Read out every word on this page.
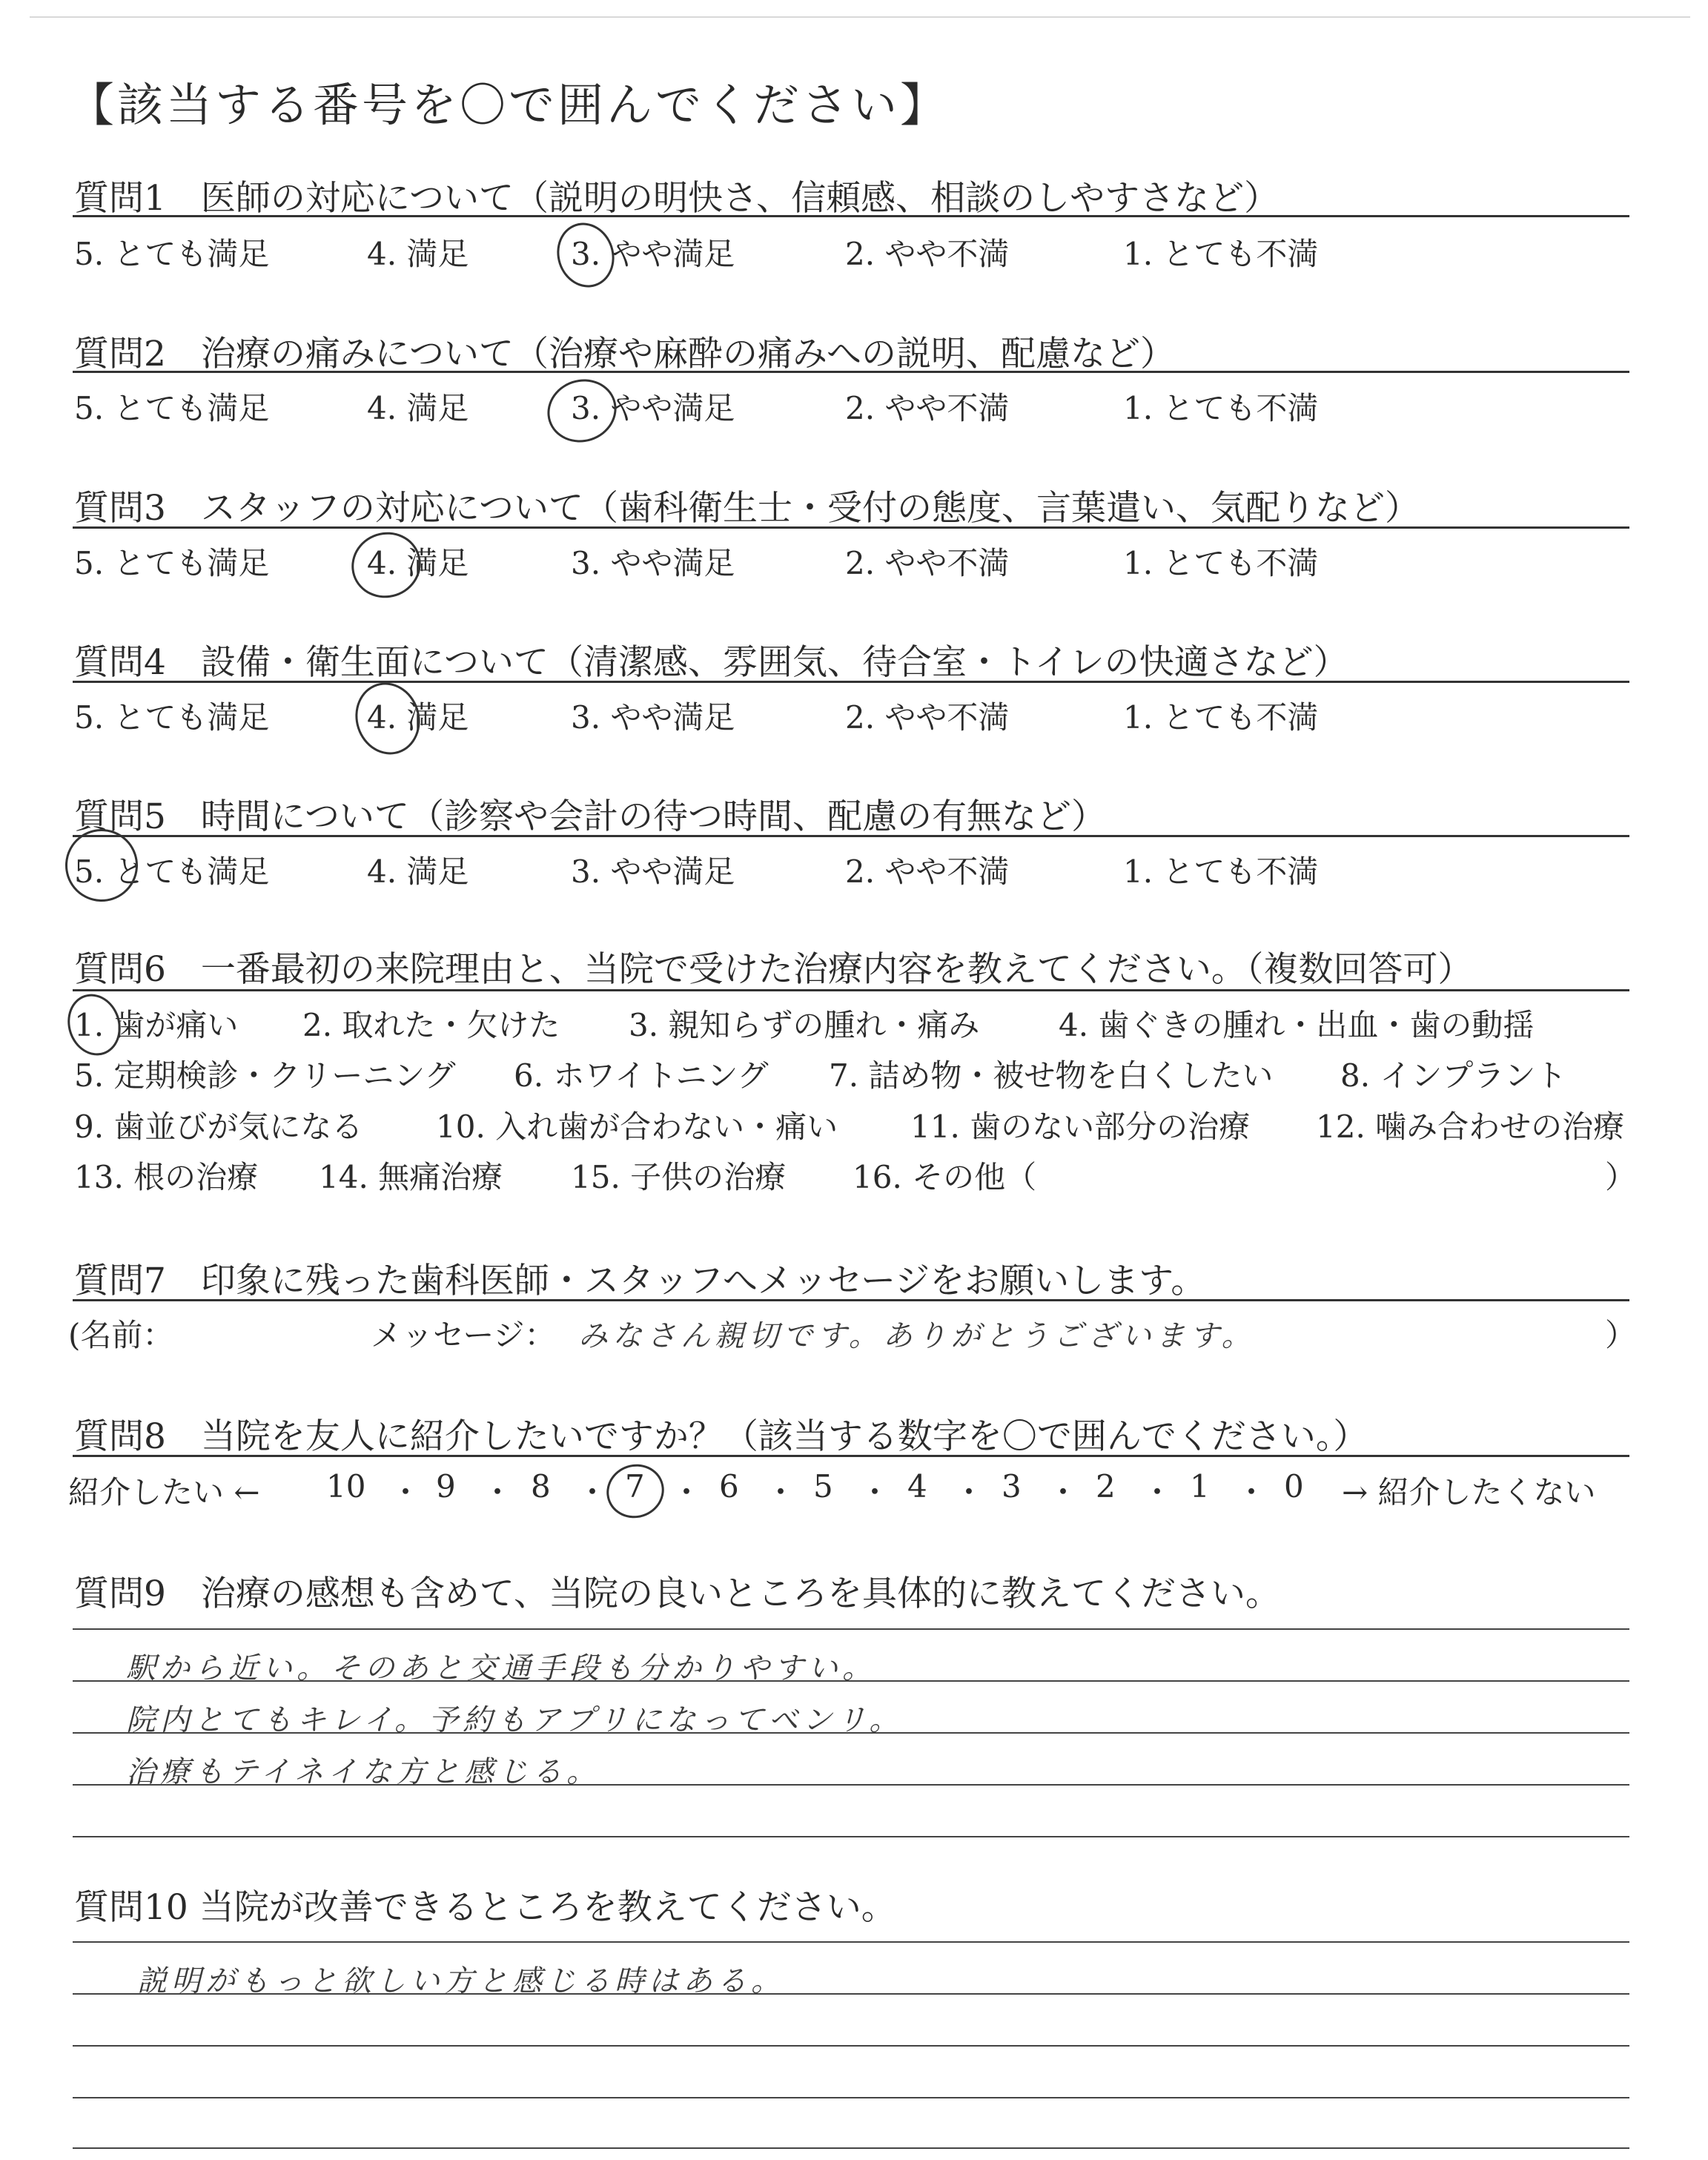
【該当する番号を〇で囲んでください】
質問1　医師の対応について（説明の明快さ、信頼感、相談のしやすさなど）
5. とても満足	4. 満足	3. やや満足	2. やや不満	1. とても不満
質問2　治療の痛みについて（治療や麻酔の痛みへの説明、配慮など）
5. とても満足	4. 満足	3. やや満足	2. やや不満	1. とても不満
質問3　スタッフの対応について（歯科衛生士・受付の態度、言葉遣い、気配りなど）
5. とても満足	4. 満足	3. やや満足	2. やや不満	1. とても不満
質問4　設備・衛生面について（清潔感、雰囲気、待合室・トイレの快適さなど）
5. とても満足	4. 満足	3. やや満足	2. やや不満	1. とても不満
質問5　時間について（診察や会計の待つ時間、配慮の有無など）
5. とても満足	4. 満足	3. やや満足	2. やや不満	1. とても不満
質問6　一番最初の来院理由と、当院で受けた治療内容を教えてください。（複数回答可）
1. 歯が痛い 2. 取れた・欠けた 3. 親知らずの腫れ・痛み	4. 歯ぐきの腫れ・出血・歯の動揺
5. 定期検診・クリーニング 6. ホワイトニング 7. 詰め物・被せ物を白くしたい 8. インプラント
9. 歯並びが気になる 10. 入れ歯が合わない・痛い 11. 歯のない部分の治療 12. 噛み合わせの治療
13. 根の治療 14. 無痛治療 15. 子供の治療 16. その他（	）
質問7　印象に残った歯科医師・スタッフへメッセージをお願いします。
(名前：	メッセージ： みなさん親切です。ありがとうございます。	）
質問8　当院を友人に紹介したいですか？（該当する数字を〇で囲んでください。）
紹介したい ← 10 ・ 9 ・ 8 ・ 7 ・ 6 ・ 5 ・ 4 ・ 3 ・ 2 ・ 1 ・ 0 → 紹介したくない
質問9　治療の感想も含めて、当院の良いところを具体的に教えてください。
駅から近い。そのあと交通手段も分かりやすい。
院内とてもキレイ。予約もアプリになってベンリ。
治療もテイネイな方と感じる。
質問10 当院が改善できるところを教えてください。
説明がもっと欲しい方と感じる時はある。
